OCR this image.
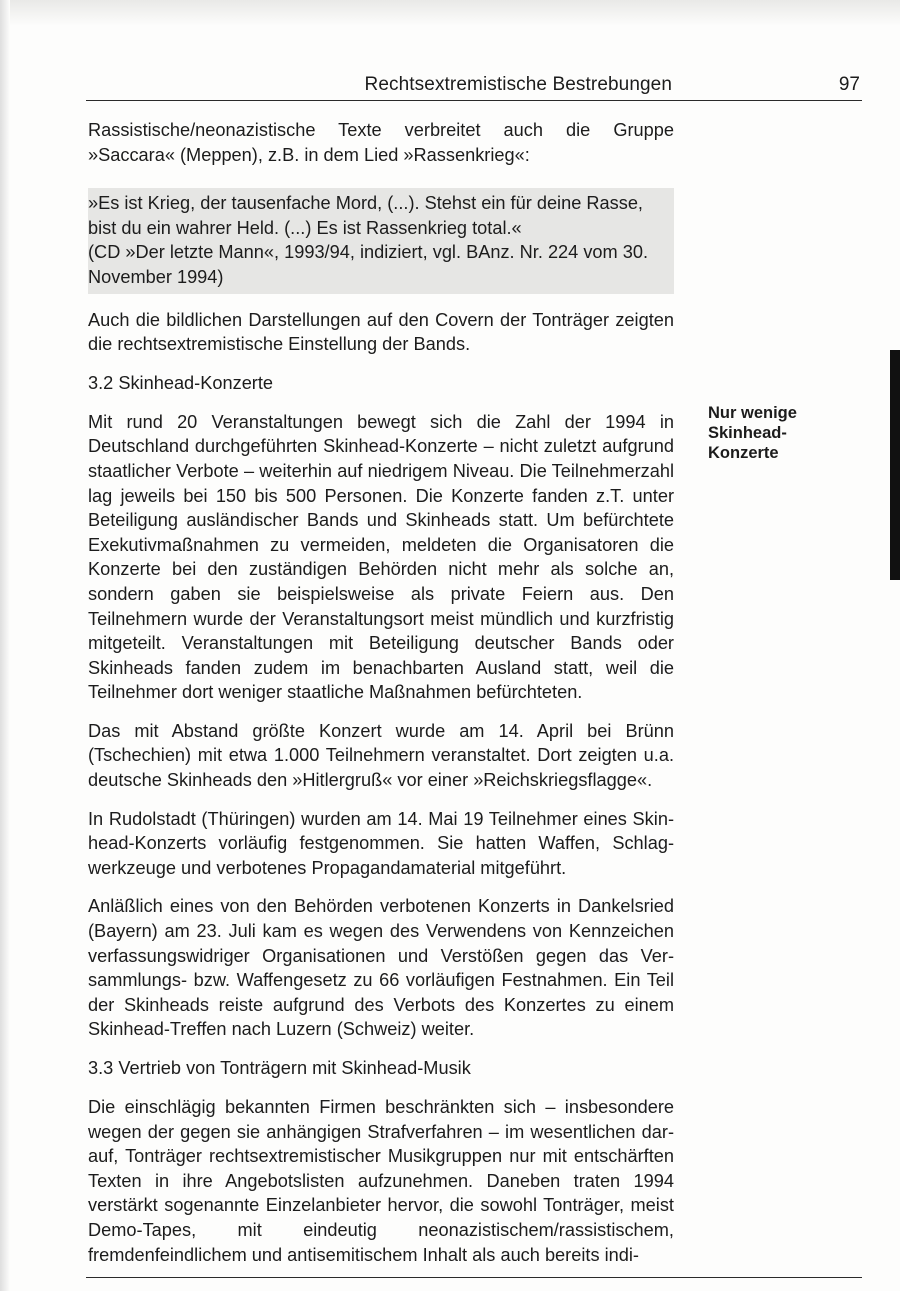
Rechtsextremistische Bestrebungen	97

Rassistische/neonazistische Texte verbreitet auch die Gruppe »Saccara« (Meppen), z.B. in dem Lied »Rassenkrieg«:

»Es ist Krieg, der tausenfache Mord, (...). Stehst ein für deine Rasse, bist du ein wahrer Held. (...) Es ist Rassenkrieg total.«

(CD »Der letzte Mann«, 1993/94, indiziert, vgl. BAnz. Nr. 224 vom 30. November 1994)

Auch die bildlichen Darstellungen auf den Covern der Tonträger zeigten die rechtsextremistische Einstellung der Bands.

3.2 Skinhead-Konzerte

Mit rund 20 Veranstaltungen bewegt sich die Zahl der 1994 in Deutschland durchgeführten Skinhead-Konzerte – nicht zuletzt aufgrund staatlicher Verbote – weiterhin auf niedrigem Niveau. Die Teilnehmerzahl lag jeweils bei 150 bis 500 Personen. Die Konzerte fanden z.T. unter Beteiligung ausländischer Bands und Skinheads statt. Um befürchtete Exekutivmaßnahmen zu vermeiden, meldeten die Organisatoren die Konzerte bei den zuständigen Behörden nicht mehr als solche an, sondern gaben sie beispielsweise als private Feiern aus. Den Teilnehmern wurde der Veranstaltungsort meist mündlich und kurzfristig mitgeteilt. Veranstaltungen mit Beteiligung deutscher Bands oder Skinheads fanden zudem im benachbarten Ausland statt, weil die Teilnehmer dort weniger staatliche Maßnahmen befürchteten.

Das mit Abstand größte Konzert wurde am 14. April bei Brünn (Tschechien) mit etwa 1.000 Teilnehmern veranstaltet. Dort zeigten u.a. deutsche Skinheads den »Hitlergruß« vor einer »Reichskriegsflagge«.

In Rudolstadt (Thüringen) wurden am 14. Mai 19 Teilnehmer eines Skinhead-Konzerts vorläufig festgenommen. Sie hatten Waffen, Schlagwerkzeuge und verbotenes Propagandamaterial mitgeführt.

Anläßlich eines von den Behörden verbotenen Konzerts in Dankelsried (Bayern) am 23. Juli kam es wegen des Verwendens von Kennzeichen verfassungswidriger Organisationen und Verstößen gegen das Versammlungs- bzw. Waffengesetz zu 66 vorläufigen Festnahmen. Ein Teil der Skinheads reiste aufgrund des Verbots des Konzertes zu einem Skinhead-Treffen nach Luzern (Schweiz) weiter.

3.3 Vertrieb von Tonträgern mit Skinhead-Musik

Die einschlägig bekannten Firmen beschränkten sich – insbesondere wegen der gegen sie anhängigen Strafverfahren – im wesentlichen darauf, Tonträger rechtsextremistischer Musikgruppen nur mit entschärften Texten in ihre Angebotslisten aufzunehmen. Daneben traten 1994 verstärkt sogenannte Einzelanbieter hervor, die sowohl Tonträger, meist Demo-Tapes, mit eindeutig neonazistischem/rassistischem, fremdenfeindlichem und antisemitischem Inhalt als auch bereits indi-

Nur wenige Skinhead-Konzerte
